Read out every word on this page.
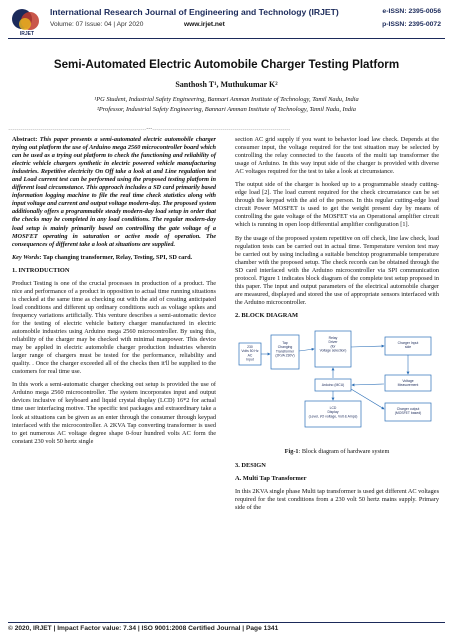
IRJET
International Research Journal of Engineering and Technology (IRJET)
Volume: 07 Issue: 04 | Apr 2020	www.irjet.net
e-ISSN: 2395-0056
p-ISSN: 2395-0072
Semi-Automated Electric Automobile Charger Testing Platform
Santhosh T¹, Muthukumar K²
¹PG Student, Industrial Safety Engineering, Bannari Amman Institute of Technology, Tamil Nadu, India
²Professor, Industrial Safety Engineering, Bannari Amman Institute of Technology, Tamil Nadu, India
---------------------------------------------------------------------***---------------------------------------------------------------------

Abstract: This paper presents a semi-automated electric automobile charger trying out platform the use of Arduino mega 2560 microcontroller board which can be used as a trying out platform to check the functioning and reliability of electric vehicle chargers synthetic in electric powered vehicle manufacturing industries. Repetitive electricity On Off take a look at and Line regulation test and Load current test can be performed using the proposed testing platform in different load circumstance. This approach includes a SD card primarily based information logging machine to file the real time check statistics along with input voltage and current and output voltage modern-day. The proposed system additionally offers a programmable steady modern-day load setup in order that the checks may be completed in any load conditions. The regular modern-day load setup is mainly primarily based on controlling the gate voltage of a MOSFET operating in saturation or active mode of operation. The consequences of different take a look at situations are supplied.

Key Words: Tap changing transformer, Relay, Testing, SPI, SD card.

1. INTRODUCTION

Product Testing is one of the crucial processes in production of a product. The nice and performance of a product in opposition to actual time running situations is checked at the same time as checking out with the aid of creating anticipated load conditions and different up ordinary conditions such as voltage spikes and frequency variations artificially. This venture describes a semi-automatic device for the testing of electric vehicle battery charger manufactured in electric automobile industries using Arduino mega 2560 microcontroller. By using this, reliability of the charger may be checked with minimal manpower. This device may be applied in electric automobile charger production industries wherein larger range of chargers must be tested for the performance, reliability and quality. . Once the charger exceeded all of the checks then it'll be supplied to the customers for real time use.

In this work a semi-automatic charger checking out setup is provided the use of Arduino mega 2560 microcontroller. The system incorporates input and output devices inclusive of keyboard and liquid crystal display (LCD) 16*2 for actual time user interfacing motive. The specific test packages and extraordinary take a look at situations can be given as an enter through the consumer through keypad interfaced with the microcontroller. A 2KVA Tap converting transformer is used to get numerous AC voltage degree shape 0-four hundred volts AC form the constant 230 volt 50 hertz single

section AC grid supply if you want to behavior load law check. Depends at the consumer input, the voltage required for the test situation may be selected by controlling the relay connected to the faucets of the multi tap transformer the usage of Arduino. In this way input side of the charger is provided with diverse AC voltages required for the test to take a look at circumstance.

The output side of the charger is hooked up to a programmable steady cutting-edge load [2]. The load current required for the check circumstance can be set through the keypad with the aid of the person. In this regular cutting-edge load circuit Power MOSFET is used to get the weight present day by means of controlling the gate voltage of the MOSFET via an Operational amplifier circuit which is running in open loop differential amplifier configuration [1].

By the usage of the proposed system repetitive on off check, line law check, load regulation tests can be carried out in actual time. Temperature version test may be carried out by using including a suitable benchtop programmable temperature chamber with the proposed setup. The check records can be obtained through the SD card interfaced with the Arduino microcontroller via SPI communication protocol. Figure 1 indicates block diagram of the complete test setup proposed in this paper. The input and output parameters of the electrical automobile charger are measured, displayed and stored the use of appropriate sensors interfaced with the Arduino microcontroller.

2. BLOCK DIAGRAM

230 Volts 50 Hz AC Input
Tap Changing Transformer (2KVA 230V)
Relay Driver (for Voltage selection)
Charger Input side
Arduino (MCU)
Voltage Measurement
LCD Display (Level, I/O voltage, Volt & Amps)
Charger output (MOSFET based)

Fig-1: Block diagram of hardware system

3. DESIGN

A. Multi Tap Transformer

In this 2KVA single phase Multi tap transformer is used get different AC voltages required for the test conditions from a 230 volt 50 hertz mains supply. Primary side of the

© 2020, IRJET | Impact Factor value: 7.34 | ISO 9001:2008 Certified Journal | Page 1341
